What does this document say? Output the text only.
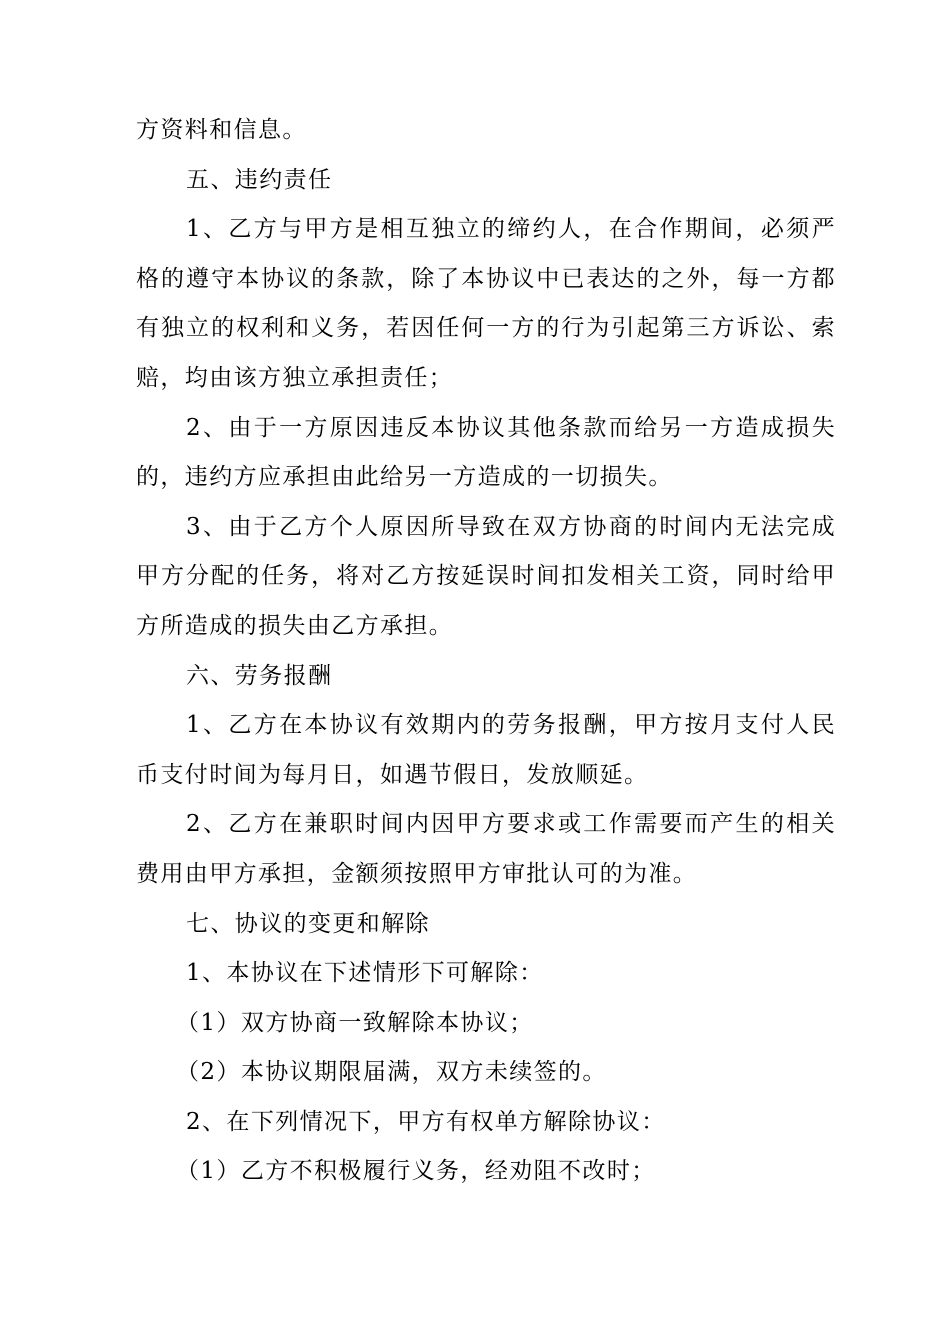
方资料和信息。

五、违约责任

1、乙方与甲方是相互独立的缔约人，在合作期间，必须严格的遵守本协议的条款，除了本协议中已表达的之外，每一方都有独立的权利和义务，若因任何一方的行为引起第三方诉讼、索赔，均由该方独立承担责任；

2、由于一方原因违反本协议其他条款而给另一方造成损失的，违约方应承担由此给另一方造成的一切损失。

3、由于乙方个人原因所导致在双方协商的时间内无法完成甲方分配的任务，将对乙方按延误时间扣发相关工资，同时给甲方所造成的损失由乙方承担。

六、劳务报酬

1、乙方在本协议有效期内的劳务报酬，甲方按月支付人民币支付时间为每月日，如遇节假日，发放顺延。

2、乙方在兼职时间内因甲方要求或工作需要而产生的相关费用由甲方承担，金额须按照甲方审批认可的为准。

七、协议的变更和解除

1、本协议在下述情形下可解除：

（1）双方协商一致解除本协议；

（2）本协议期限届满，双方未续签的。

2、在下列情况下，甲方有权单方解除协议：

（1）乙方不积极履行义务，经劝阻不改时；
